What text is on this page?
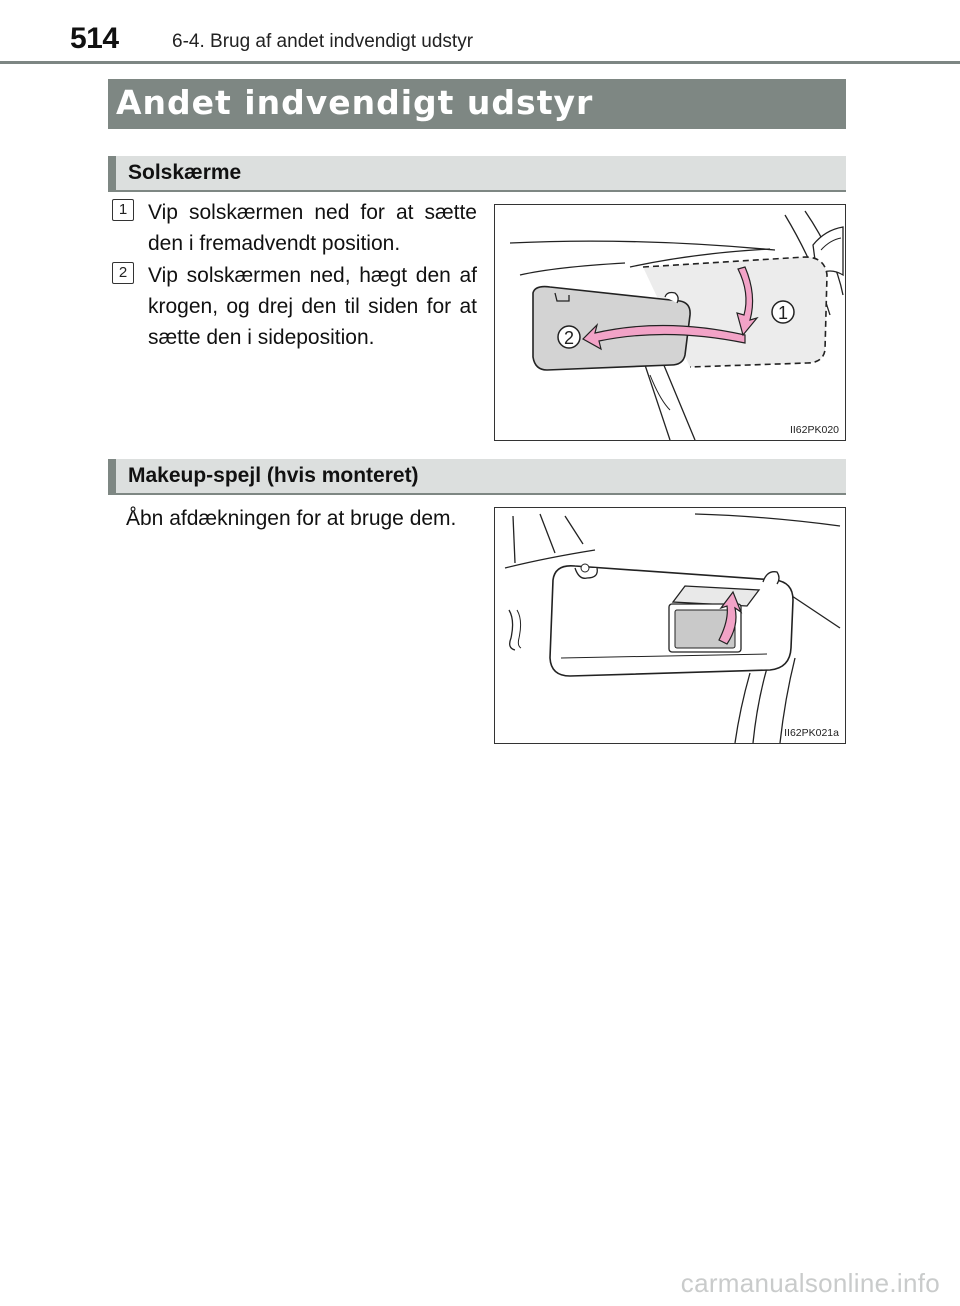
514	6-4. Brug af andet indvendigt udstyr
Andet indvendigt udstyr
Solskærme
1 Vip solskærmen ned for at sætte den i fremadvendt position.
2 Vip solskærmen ned, hægt den af krogen, og drej den til siden for at sætte den i sideposition.
1
2
II62PK020
Makeup-spejl (hvis monteret)
Åbn afdækningen for at bruge dem.
II62PK021a
carmanualsonline.info
